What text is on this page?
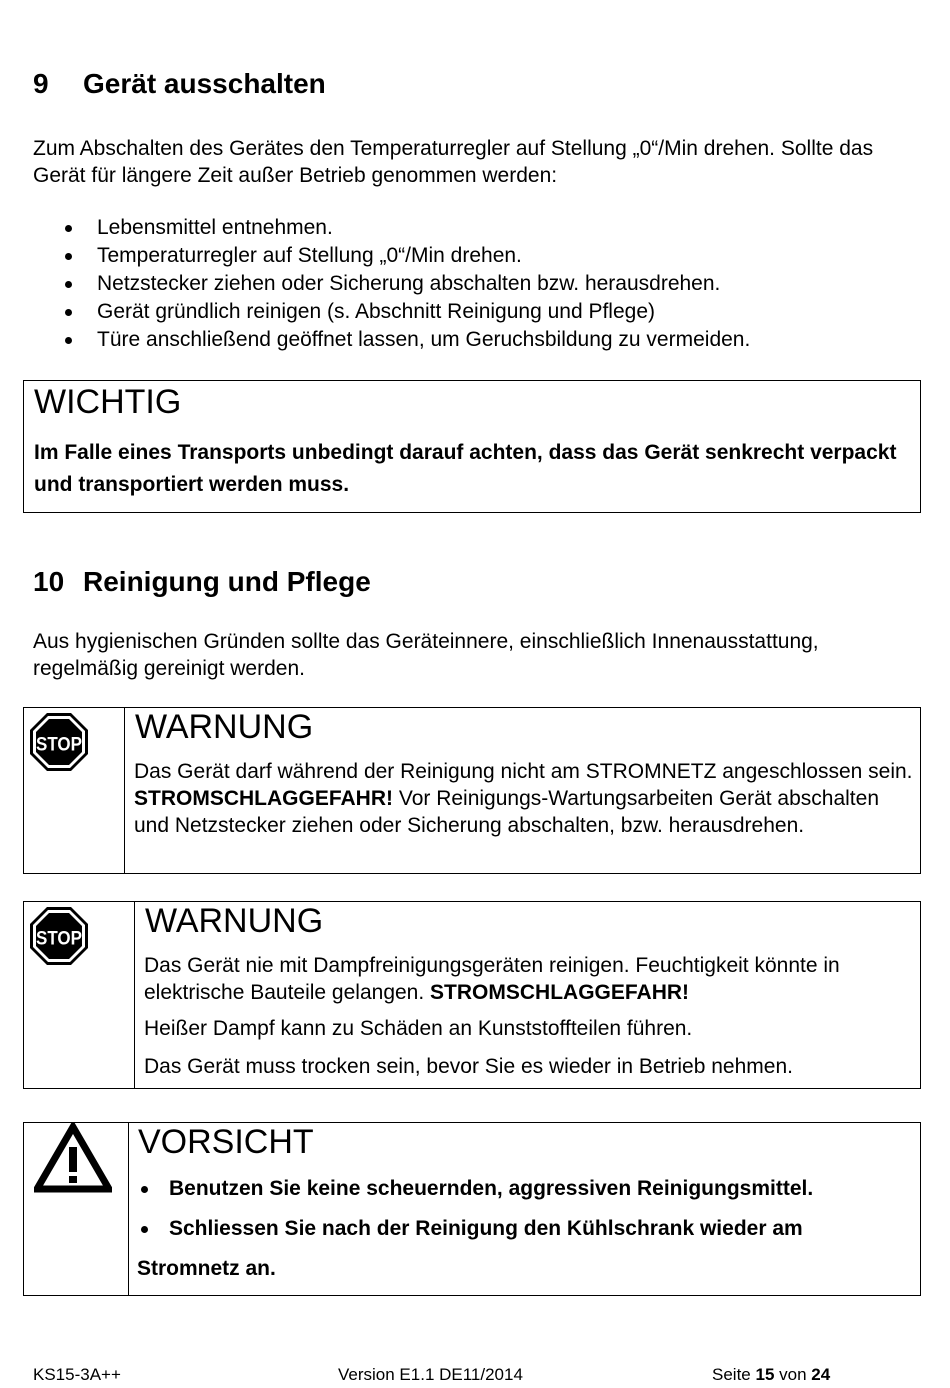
9 Gerät ausschalten
Zum Abschalten des Gerätes den Temperaturregler auf Stellung „0“/Min drehen. Sollte das Gerät für längere Zeit außer Betrieb genommen werden:
Lebensmittel entnehmen.
Temperaturregler auf Stellung „0“/Min drehen.
Netzstecker ziehen oder Sicherung abschalten bzw. herausdrehen.
Gerät gründlich reinigen (s. Abschnitt Reinigung und Pflege)
Türe anschließend geöffnet lassen, um Geruchsbildung zu vermeiden.
WICHTIG
Im Falle eines Transports unbedingt darauf achten, dass das Gerät senkrecht verpackt und transportiert werden muss.
10 Reinigung und Pflege
Aus hygienischen Gründen sollte das Geräteinnere, einschließlich Innenausstattung, regelmäßig gereinigt werden.
STOP WARNUNG
Das Gerät darf während der Reinigung nicht am STROMNETZ angeschlossen sein. STROMSCHLAGGEFAHR! Vor Reinigungs-Wartungsarbeiten Gerät abschalten und Netzstecker ziehen oder Sicherung abschalten, bzw. herausdrehen.
STOP WARNUNG
Das Gerät nie mit Dampfreinigungsgeräten reinigen. Feuchtigkeit könnte in elektrische Bauteile gelangen. STROMSCHLAGGEFAHR!
Heißer Dampf kann zu Schäden an Kunststoffteilen führen.
Das Gerät muss trocken sein, bevor Sie es wieder in Betrieb nehmen.
VORSICHT
Benutzen Sie keine scheuernden, aggressiven Reinigungsmittel.
Schliessen Sie nach der Reinigung den Kühlschrank wieder am
Stromnetz an.
KS15-3A++	Version E1.1 DE11/2014	Seite 15 von 24
